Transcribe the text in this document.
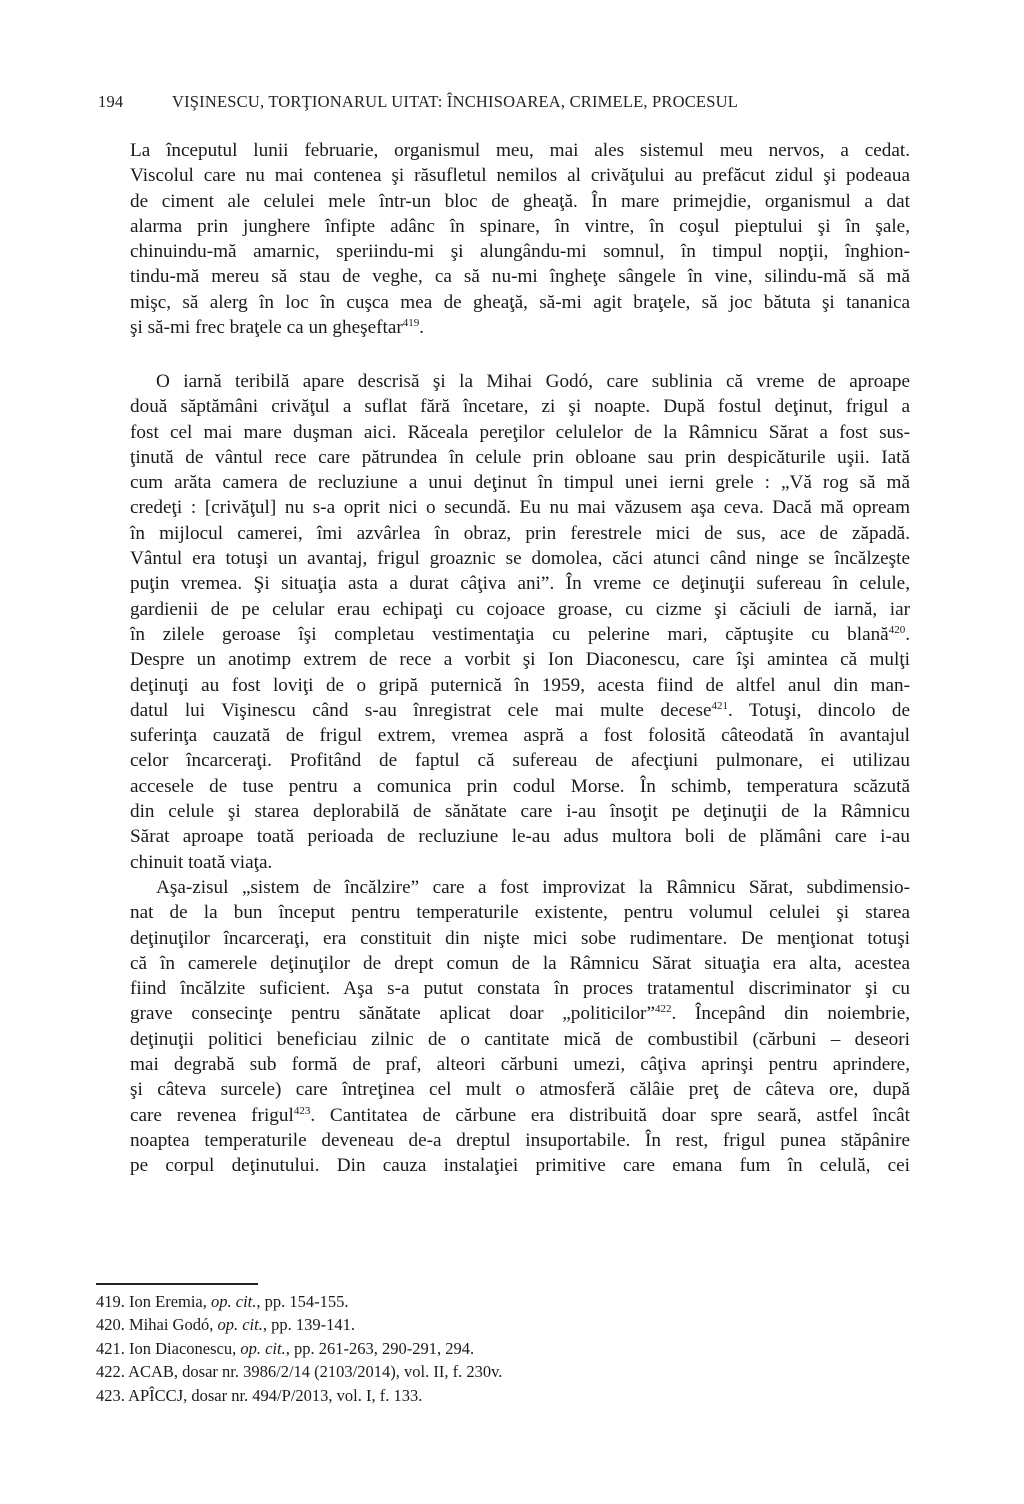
194	VIŞINESCU, TORŢIONARUL UITAT: ÎNCHISOAREA, CRIMELE, PROCESUL
La începutul lunii februarie, organismul meu, mai ales sistemul meu nervos, a cedat.
Viscolul care nu mai contenea şi răsufletul nemilos al crivăţului au prefăcut zidul şi podeaua
de ciment ale celulei mele într-un bloc de gheaţă. În mare primejdie, organismul a dat
alarma prin junghere înfipte adânc în spinare, în vintre, în coşul pieptului şi în şale,
chinuindu-mă amarnic, speriindu-mi şi alungându-mi somnul, în timpul nopţii, înghion-
tindu-mă mereu să stau de veghe, ca să nu-mi îngheţe sângele în vine, silindu-mă să mă
mişc, să alerg în loc în cuşca mea de gheaţă, să-mi agit braţele, să joc bătuta şi tananica
şi să-mi frec braţele ca un gheşeftar$^{419}$.
O iarnă teribilă apare descrisă şi la Mihai Godó, care sublinia că vreme de aproape
două săptămâni crivăţul a suflat fără încetare, zi şi noapte. După fostul deţinut, frigul a
fost cel mai mare duşman aici. Răceala pereţilor celulelor de la Râmnicu Sărat a fost sus-
ţinută de vântul rece care pătrundea în celule prin obloane sau prin despicăturile uşii. Iată
cum arăta camera de recluziune a unui deţinut în timpul unei ierni grele : „Vă rog să mă
credeţi : [crivăţul] nu s-a oprit nici o secundă. Eu nu mai văzusem aşa ceva. Dacă mă opream
în mijlocul camerei, îmi azvârlea în obraz, prin ferestrele mici de sus, ace de zăpadă.
Vântul era totuşi un avantaj, frigul groaznic se domolea, căci atunci când ninge se încălzeşte
puţin vremea. Şi situaţia asta a durat câţiva ani”. În vreme ce deţinuţii sufereau în celule,
gardienii de pe celular erau echipaţi cu cojoace groase, cu cizme şi căciuli de iarnă, iar
în zilele geroase îşi completau vestimentaţia cu pelerine mari, căptuşite cu blană$^{420}$.
Despre un anotimp extrem de rece a vorbit şi Ion Diaconescu, care îşi amintea că mulţi
deţinuţi au fost loviţi de o gripă puternică în 1959, acesta fiind de altfel anul din man-
datul lui Vişinescu când s-au înregistrat cele mai multe decese$^{421}$. Totuşi, dincolo de
suferinţa cauzată de frigul extrem, vremea aspră a fost folosită câteodată în avantajul
celor încarceraţi. Profitând de faptul că sufereau de afecţiuni pulmonare, ei utilizau
accesele de tuse pentru a comunica prin codul Morse. În schimb, temperatura scăzută
din celule şi starea deplorabilă de sănătate care i-au însoţit pe deţinuţii de la Râmnicu
Sărat aproape toată perioada de recluziune le-au adus multora boli de plămâni care i-au
chinuit toată viaţa.
Aşa-zisul „sistem de încălzire” care a fost improvizat la Râmnicu Sărat, subdimensio-
nat de la bun început pentru temperaturile existente, pentru volumul celulei şi starea
deţinuţilor încarceraţi, era constituit din nişte mici sobe rudimentare. De menţionat totuşi
că în camerele deţinuţilor de drept comun de la Râmnicu Sărat situaţia era alta, acestea
fiind încălzite suficient. Aşa s-a putut constata în proces tratamentul discriminator şi cu
grave consecinţe pentru sănătate aplicat doar „politicilor”$^{422}$. Începând din noiembrie,
deţinuţii politici beneficiau zilnic de o cantitate mică de combustibil (cărbuni – deseori
mai degrabă sub formă de praf, alteori cărbuni umezi, câţiva aprinşi pentru aprindere,
şi câteva surcele) care întreţinea cel mult o atmosferă călâie preţ de câteva ore, după
care revenea frigul$^{423}$. Cantitatea de cărbune era distribuită doar spre seară, astfel încât
noaptea temperaturile deveneau de-a dreptul insuportabile. În rest, frigul punea stăpânire
pe corpul deţinutului. Din cauza instalaţiei primitive care emana fum în celulă, cei
419. Ion Eremia, op. cit., pp. 154-155.
420. Mihai Godó, op. cit., pp. 139-141.
421. Ion Diaconescu, op. cit., pp. 261-263, 290-291, 294.
422. ACAB, dosar nr. 3986/2/14 (2103/2014), vol. II, f. 230v.
423. APÎCCJ, dosar nr. 494/P/2013, vol. I, f. 133.
